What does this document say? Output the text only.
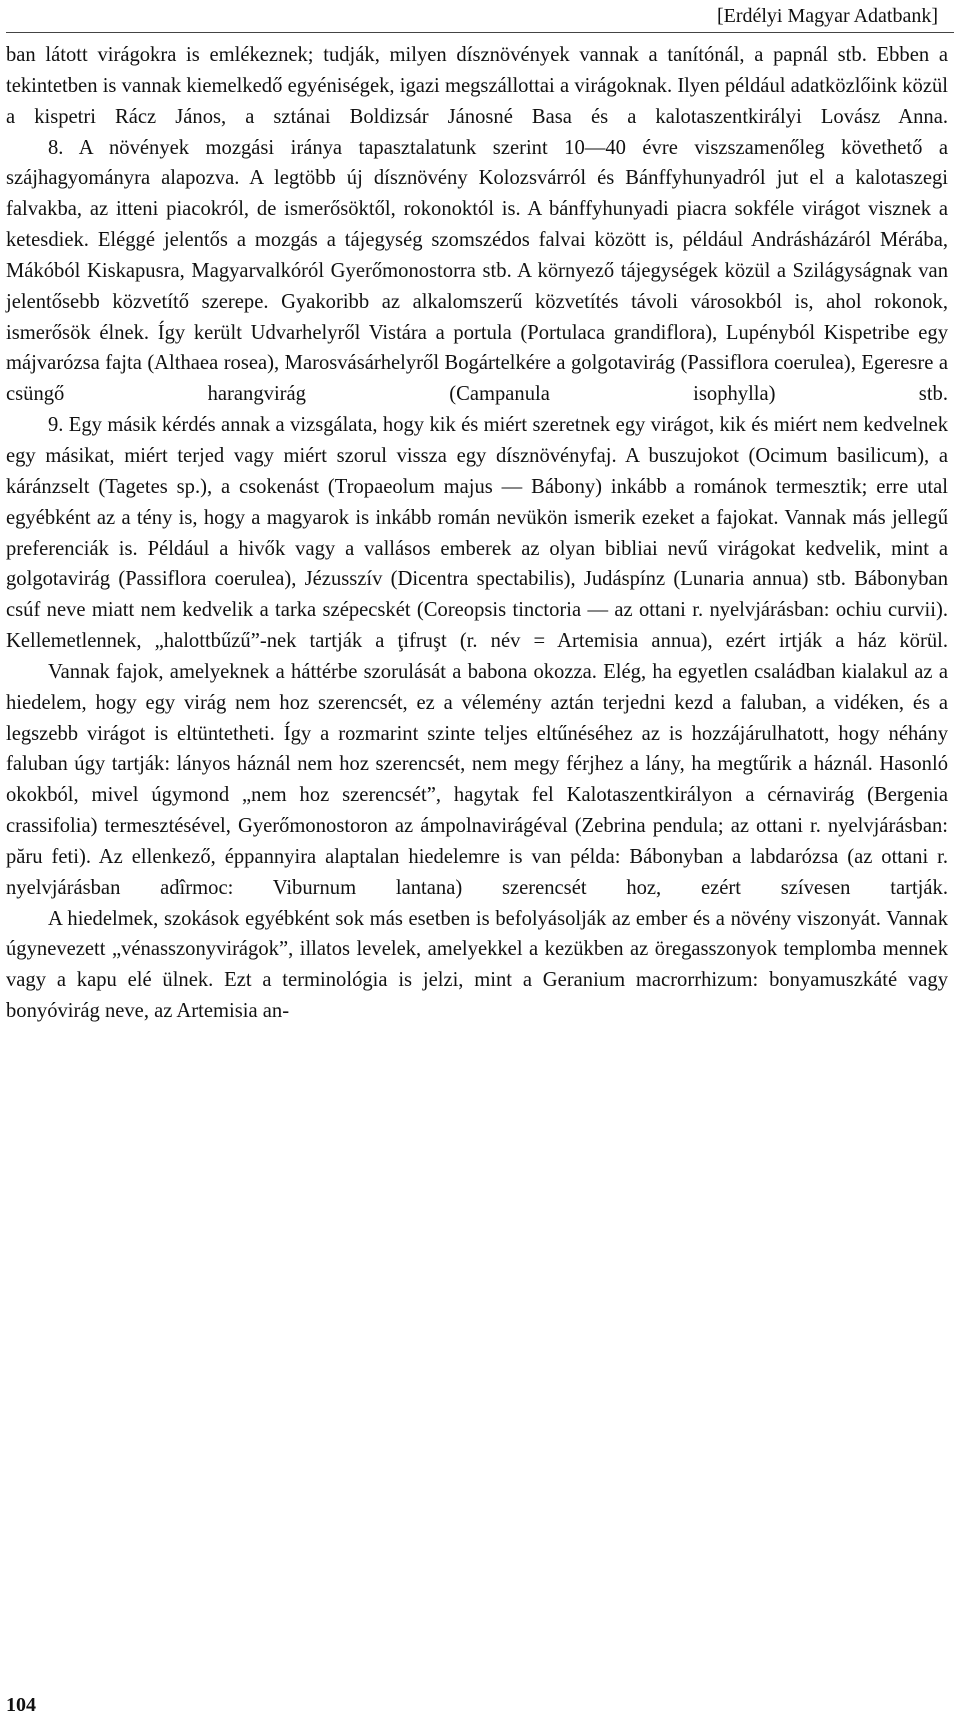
[Erdélyi Magyar Adatbank]

ban látott virágokra is emlékeznek; tudják, milyen dísznövények vannak a tanítónál, a papnál stb. Ebben a tekintetben is vannak kiemelkedő egyéniségek, igazi megszállottai a virágoknak. Ilyen például adatközlőink közül a kispetri Rácz János, a sztánai Boldizsár Jánosné Basa és a kalotaszentkirályi Lovász Anna.

8. A növények mozgási iránya tapasztalatunk szerint 10—40 évre viszszamenőleg követhető a szájhagyományra alapozva. A legtöbb új dísznövény Kolozsvárról és Bánffyhunyadról jut el a kalotaszegi falvakba, az itteni piacokról, de ismerősöktől, rokonoktól is. A bánffyhunyadi piacra sokféle virágot visznek a ketesdiek. Eléggé jelentős a mozgás a tájegység szomszédos falvai között is, például Andrásházáról Mérába, Mákóból Kiskapusra, Magyarvalkóról Gyerőmonostorra stb. A környező tájegységek közül a Szilágyságnak van jelentősebb közvetítő szerepe. Gyakoribb az alkalomszerű közvetítés távoli városokból is, ahol rokonok, ismerősök élnek. Így került Udvarhelyről Vistára a portula (Portulaca grandiflora), Lupényból Kispetribe egy májvarózsa fajta (Althaea rosea), Marosvásárhelyről Bogártelkére a golgotavirág (Passiflora coerulea), Egeresre a csüngő harangvirág (Campanula isophylla) stb.

9. Egy másik kérdés annak a vizsgálata, hogy kik és miért szeretnek egy virágot, kik és miért nem kedvelnek egy másikat, miért terjed vagy miért szorul vissza egy dísznövényfaj. A buszujokot (Ocimum basilicum), a káránzselt (Tagetes sp.), a csokenást (Tropaeolum majus — Bábony) inkább a románok termesztik; erre utal egyébként az a tény is, hogy a magyarok is inkább román nevükön ismerik ezeket a fajokat. Vannak más jellegű preferenciák is. Például a hivők vagy a vallásos emberek az olyan bibliai nevű virágokat kedvelik, mint a golgotavirág (Passiflora coerulea), Jézusszív (Dicentra spectabilis), Judáspínz (Lunaria annua) stb. Bábonyban csúf neve miatt nem kedvelik a tarka szépecskét (Coreopsis tinctoria — az ottani r. nyelvjárásban: ochiu curvii). Kellemetlennek, „halottbűzű”-nek tartják a ţifruşt (r. név = Artemisia annua), ezért irtják a ház körül.

Vannak fajok, amelyeknek a háttérbe szorulását a babona okozza. Elég, ha egyetlen családban kialakul az a hiedelem, hogy egy virág nem hoz szerencsét, ez a vélemény aztán terjedni kezd a faluban, a vidéken, és a legszebb virágot is eltüntetheti. Így a rozmarint szinte teljes eltűnéséhez az is hozzájárulhatott, hogy néhány faluban úgy tartják: lányos háznál nem hoz szerencsét, nem megy férjhez a lány, ha megtűrik a háznál. Hasonló okokból, mivel úgymond „nem hoz szerencsét”, hagytak fel Kalotaszentkirályon a cérnavirág (Bergenia crassifolia) termesztésével, Gyerőmonostoron az ámpolnavirágéval (Zebrina pendula; az ottani r. nyelvjárásban: păru feti). Az ellenkező, éppannyira alaptalan hiedelemre is van példa: Bábonyban a labdarózsa (az ottani r. nyelvjárásban adîrmoc: Viburnum lantana) szerencsét hoz, ezért szívesen tartják.

A hiedelmek, szokások egyébként sok más esetben is befolyásolják az ember és a növény viszonyát. Vannak úgynevezett „vénasszonyvirágok”, illatos levelek, amelyekkel a kezükben az öregasszonyok templomba mennek vagy a kapu elé ülnek. Ezt a terminológia is jelzi, mint a Geranium macrorrhizum: bonyamuszkáté vagy bonyóvirág neve, az Artemisia an-

104
